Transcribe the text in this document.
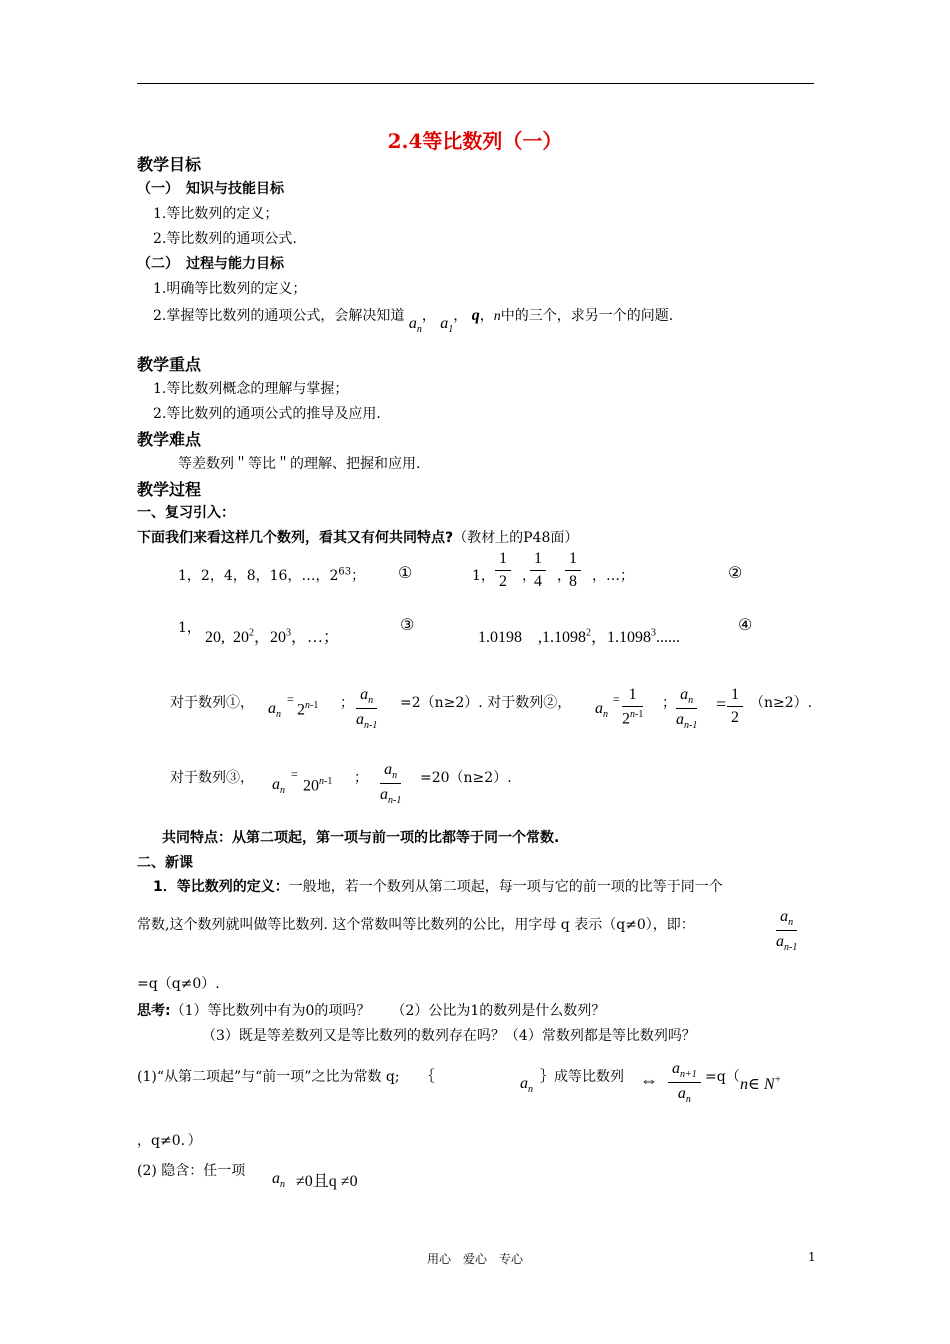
2.4等比数列（一）
教学目标
（一）　知识与技能目标
1.等比数列的定义；
2.等比数列的通项公式.
（二）　过程与能力目标
1.明确等比数列的定义；
2.掌握等比数列的通项公式，会解决知道 $a_n$， $a_1$， q，n中的三个，求另一个的问题.
教学重点
1.等比数列概念的理解与掌握；
2.等比数列的通项公式的推导及应用.
教学难点
等差数列＂等比＂的理解、把握和应用.
教学过程
一、复习引入：
下面我们来看这样几个数列，看其又有何共同特点?（教材上的P48面）
1，2，4，8，16，…，$2^{63}$； ①	1， $\frac{1}{2}$ ，
$\frac{1}{4}$ ，
$\frac{1}{8}$ ，…；	②
1，
20,  $20^2$，$20^3$，…；
③
1.0198　,1.1098$^2$，1.1098$^3$......
④
对于数列①， $a_n$
=
$2^{n-1}$ ； $\frac{a_n}{a_{n-1}} =2(n\ge 2)$. 对于数列②， $a_n$
= $\frac{1}{2^{n-1}}$ ； $\frac{a_n}{a_{n-1}} = \frac{1}{2} (n\ge 2)$.
对于数列③， $a_n$
=
$20^{n-1}$ ； $\frac{a_n}{a_{n-1}} =20(n\ge 2)$.
共同特点：从第二项起，第一项与前一项的比都等于同一个常数.
二、新课
1．等比数列的定义：一般地，若一个数列从第二项起，每一项与它的前一项的比等于同一个
常数,这个数列就叫做等比数列. 这个常数叫等比数列的公比，用字母 q 表示（q≠0），即：	$\frac{a_n}{a_{n-1}}$
=q（q≠0）.
思考:（1）等比数列中有为0的项吗？　　（2）公比为1的数列是什么数列？
（3）既是等差数列又是等比数列的数列存在吗？（4）常数列都是等比数列吗？
(1)“从第二项起”与“前一项”之比为常数 q;　　｛	$a_n$
｝成等比数列 ⇔ $\frac{a_{n+1}}{a_n} =q$（ n∈ N+
，q≠0．）
(2) 隐含：任一项 $a_n \ne 0$且q ≠0
用心　爱心　专心	1
